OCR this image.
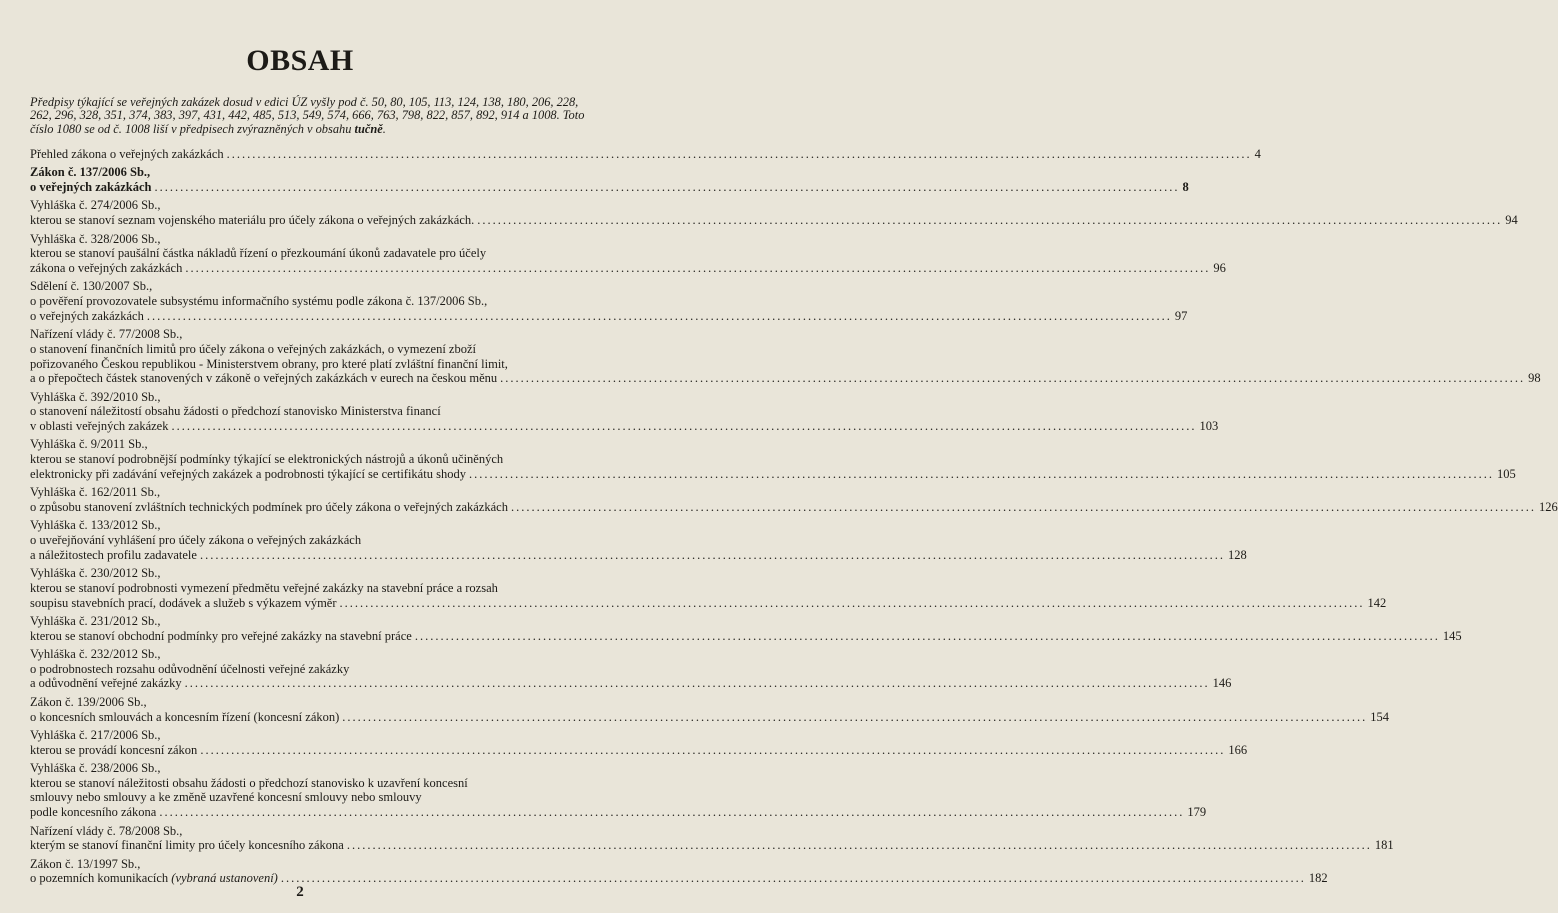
OBSAH
Předpisy týkající se veřejných zakázek dosud v edici ÚZ vyšly pod č. 50, 80, 105, 113, 124, 138, 180, 206, 228, 262, 296, 328, 351, 374, 383, 397, 431, 442, 485, 513, 549, 574, 666, 763, 798, 822, 857, 892, 914 a 1008. Toto číslo 1080 se od č. 1008 liší v předpisech zvýrazněných v obsahu tučně.
Přehled zákona o veřejných zakázkách ........................................................................................................................................................................................................ 4
Zákon č. 137/2006 Sb.,
o veřejných zakázkách ........................................................................................................................................................................................................ 8
Vyhláška č. 274/2006 Sb.,
kterou se stanoví seznam vojenského materiálu pro účely zákona o veřejných zakázkách. ........................................................................................................................................................................................................ 94
Vyhláška č. 328/2006 Sb.,
kterou se stanoví paušální částka nákladů řízení o přezkoumání úkonů zadavatele pro účely
zákona o veřejných zakázkách ........................................................................................................................................................................................................ 96
Sdělení č. 130/2007 Sb.,
o pověření provozovatele subsystému informačního systému podle zákona č. 137/2006 Sb.,
o veřejných zakázkách ........................................................................................................................................................................................................ 97
Nařízení vlády č. 77/2008 Sb.,
o stanovení finančních limitů pro účely zákona o veřejných zakázkách, o vymezení zboží
pořizovaného Českou republikou - Ministerstvem obrany, pro které platí zvláštní finanční limit,
a o přepočtech částek stanovených v zákoně o veřejných zakázkách v eurech na českou měnu ........................................................................................................................................................................................................ 98
Vyhláška č. 392/2010 Sb.,
o stanovení náležitostí obsahu žádosti o předchozí stanovisko Ministerstva financí
v oblasti veřejných zakázek ........................................................................................................................................................................................................ 103
Vyhláška č. 9/2011 Sb.,
kterou se stanoví podrobnější podmínky týkající se elektronických nástrojů a úkonů učiněných
elektronicky při zadávání veřejných zakázek a podrobnosti týkající se certifikátu shody ........................................................................................................................................................................................................ 105
Vyhláška č. 162/2011 Sb.,
o způsobu stanovení zvláštních technických podmínek pro účely zákona o veřejných zakázkách ........................................................................................................................................................................................................ 126
Vyhláška č. 133/2012 Sb.,
o uveřejňování vyhlášení pro účely zákona o veřejných zakázkách
a náležitostech profilu zadavatele ........................................................................................................................................................................................................ 128
Vyhláška č. 230/2012 Sb.,
kterou se stanoví podrobnosti vymezení předmětu veřejné zakázky na stavební práce a rozsah
soupisu stavebních prací, dodávek a služeb s výkazem výměr ........................................................................................................................................................................................................ 142
Vyhláška č. 231/2012 Sb.,
kterou se stanoví obchodní podmínky pro veřejné zakázky na stavební práce ........................................................................................................................................................................................................ 145
Vyhláška č. 232/2012 Sb.,
o podrobnostech rozsahu odůvodnění účelnosti veřejné zakázky
a odůvodnění veřejné zakázky ........................................................................................................................................................................................................ 146
Zákon č. 139/2006 Sb.,
o koncesních smlouvách a koncesním řízení (koncesní zákon) ........................................................................................................................................................................................................ 154
Vyhláška č. 217/2006 Sb.,
kterou se provádí koncesní zákon ........................................................................................................................................................................................................ 166
Vyhláška č. 238/2006 Sb.,
kterou se stanoví náležitosti obsahu žádosti o předchozí stanovisko k uzavření koncesní
smlouvy nebo smlouvy a ke změně uzavřené koncesní smlouvy nebo smlouvy
podle koncesního zákona ........................................................................................................................................................................................................ 179
Nařízení vlády č. 78/2008 Sb.,
kterým se stanoví finanční limity pro účely koncesního zákona ........................................................................................................................................................................................................ 181
Zákon č. 13/1997 Sb.,
o pozemních komunikacích (vybraná ustanovení) ........................................................................................................................................................................................................ 182
2
